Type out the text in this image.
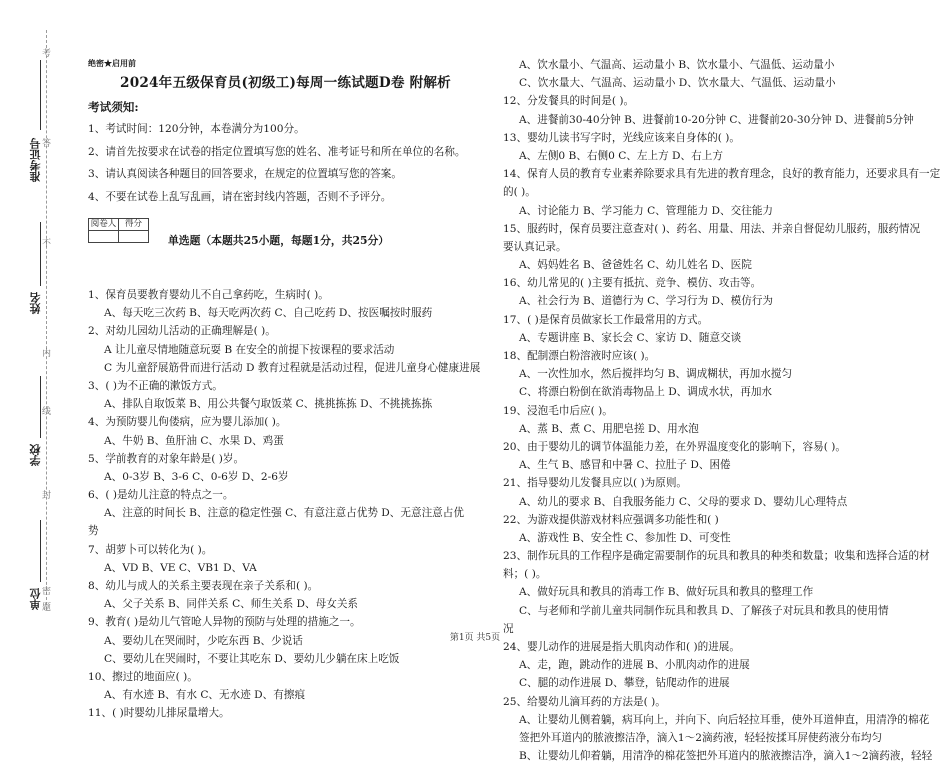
考
准考证号 答
不
姓名
内
线
学校
封
密
单位 题
绝密★启用前
2024年五级保育员(初级工)每周一练试题D卷 附解析
考试须知:
1、考试时间：120分钟，本卷满分为100分。
2、请首先按要求在试卷的指定位置填写您的姓名、准考证号和所在单位的名称。
3、请认真阅读各种题目的回答要求，在规定的位置填写您的答案。
4、不要在试卷上乱写乱画，请在密封线内答题，否则不予评分。
阅卷人	得分

单选题（本题共25小题，每题1分，共25分）
1、保育员要教育婴幼儿不自己拿药吃，生病时( )。
A、每天吃三次药 B、每天吃两次药 C、自己吃药 D、按医嘱按时服药
2、对幼儿园幼儿活动的正确理解是( )。
A 让儿童尽情地随意玩耍 B 在安全的前提下按课程的要求活动
C 为儿童舒展筋骨而进行活动 D 教育过程就是活动过程，促进儿童身心健康进展
3、( )为不正确的漱饭方式。
A、排队自取饭菜 B、用公共餐勺取饭菜 C、挑挑拣拣 D、不挑挑拣拣
4、为预防婴儿佝偻病，应为婴儿添加( )。
A、牛奶 B、鱼肝油 C、水果 D、鸡蛋
5、学前教育的对象年龄是( )岁。
A、0-3岁 B、3-6 C、0-6岁 D、2-6岁
6、( )是幼儿注意的特点之一。
A、注意的时间长 B、注意的稳定性强 C、有意注意占优势 D、无意注意占优
势
7、胡萝卜可以转化为( )。
A、VD B、VE C、VB1 D、VA
8、幼儿与成人的关系主要表现在亲子关系和( )。
A、父子关系 B、同伴关系 C、师生关系 D、母女关系
9、教育( )是幼儿气管呛人异物的预防与处理的措施之一。
A、要幼儿在哭闹时，少吃东西 B、少说话
C、要幼儿在哭闹时，不要让其吃东 D、要幼儿少躺在床上吃饭
10、擦过的地面应( )。
A、有水迹 B、有水 C、无水迹 D、有擦痕
11、( )时婴幼儿排尿量增大。
A、饮水量小、气温高、运动量小 B、饮水量小、气温低、运动量小
C、饮水量大、气温高、运动量小 D、饮水量大、气温低、运动量小
12、分发餐具的时间是( )。
A、进餐前30-40分钟 B、进餐前10-20分钟 C、进餐前20-30分钟 D、进餐前5分钟
13、婴幼儿读书写字时，光线应该来自身体的( )。
A、左侧0 B、右侧0 C、左上方 D、右上方
14、保育人员的教育专业素养除要求具有先进的教育理念，良好的教育能力，还要求具有一定
的( )。
A、讨论能力 B、学习能力 C、管理能力 D、交往能力
15、服药时，保育员要注意查对( )、药名、用量、用法、并亲自督促幼儿服药，服药情况
要认真记录。
A、妈妈姓名 B、爸爸姓名 C、幼儿姓名 D、医院
16、幼儿常见的( )主要有抵抗、竞争、模仿、攻击等。
A、社会行为 B、道德行为 C、学习行为 D、模仿行为
17、( )是保育员做家长工作最常用的方式。
A、专题讲座 B、家长会 C、家访 D、随意交谈
18、配制漂白粉溶液时应该( )。
A、一次性加水，然后搅拌均匀 B、调成糊状，再加水搅匀
C、将漂白粉倒在欲消毒物品上 D、调成水状，再加水
19、浸泡毛巾后应( )。
A、蒸 B、煮 C、用肥皂搓 D、用水泡
20、由于婴幼儿的调节体温能力差，在外界温度变化的影响下，容易( )。
A、生气 B、感冒和中暑 C、拉肚子 D、困倦
21、指导婴幼儿发餐具应以( )为原则。
A、幼儿的要求 B、自我服务能力 C、父母的要求 D、婴幼儿心理特点
22、为游戏提供游戏材料应强调多功能性和( )
A、游戏性 B、安全性 C、参加性 D、可变性
23、制作玩具的工作程序是确定需要制作的玩具和教具的种类和数量；收集和选择合适的材
料；( )。
A、做好玩具和教具的消毒工作 B、做好玩具和教具的整理工作
C、与老师和学前儿童共同制作玩具和教具 D、了解孩子对玩具和教具的使用情
况
24、婴儿动作的进展是指大肌肉动作和( )的进展。
A、走，跑，跳动作的进展 B、小肌肉动作的进展
C、腿的动作进展 D、攀登，钻爬动作的进展
25、给婴幼儿滴耳药的方法是( )。
A、让婴幼儿侧着躺，病耳向上，并向下、向后轻拉耳垂，使外耳道伸直，用清净的棉花
签把外耳道内的脓液擦洁净，滴入1～2滴药液，轻轻按揉耳屏使药液分布均匀
B、让婴幼儿仰着躺，用清净的棉花签把外耳道内的脓液擦洁净，滴入1～2滴药液，轻轻
第1页 共5页
